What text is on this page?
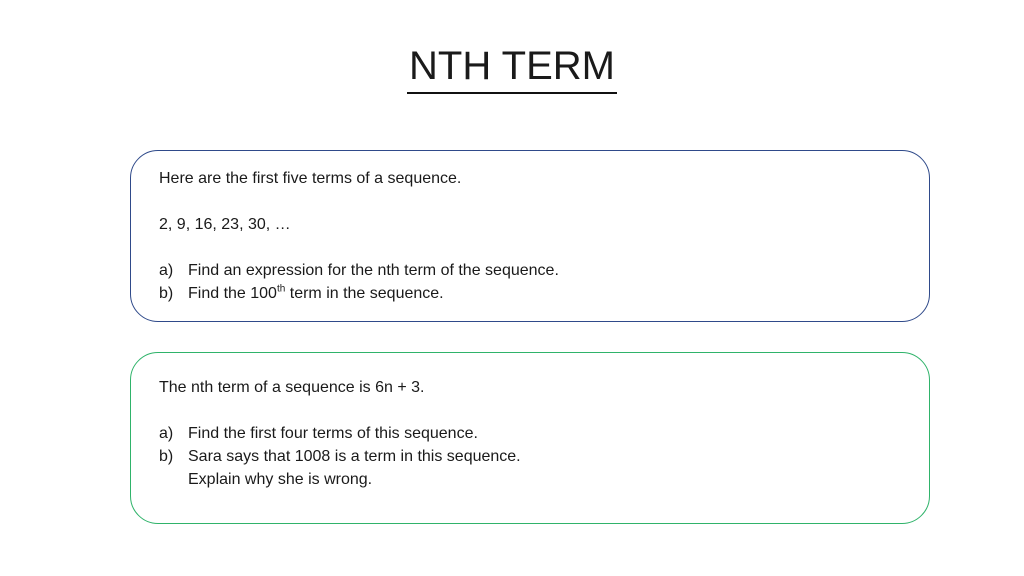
NTH TERM

Here are the first five terms of a sequence.

2, 9, 16, 23, 30, …

a) Find an expression for the nth term of the sequence.
b) Find the 100th term in the sequence.

The nth term of a sequence is 6n + 3.

a) Find the first four terms of this sequence.
b) Sara says that 1008 is a term in this sequence.
Explain why she is wrong.
